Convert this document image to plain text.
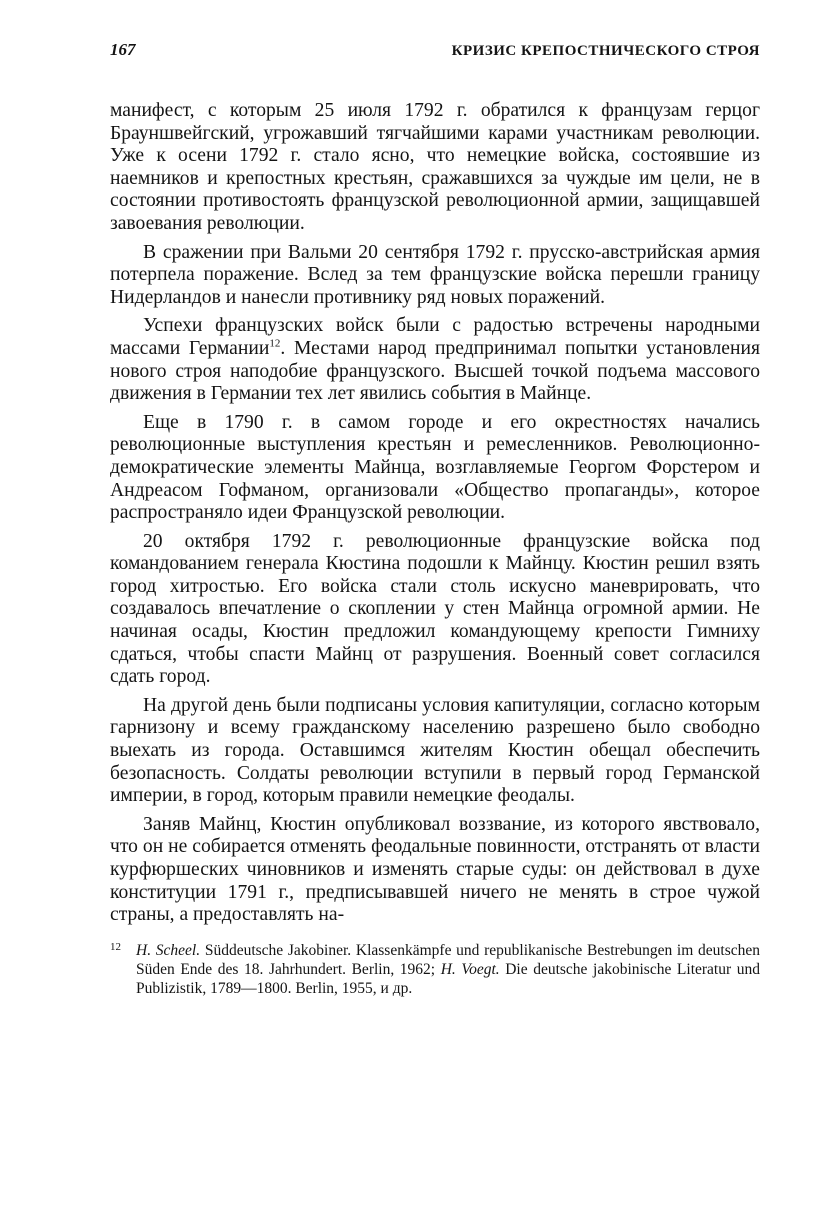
167	КРИЗИС КРЕПОСТНИЧЕСКОГО СТРОЯ

манифест, с которым 25 июля 1792 г. обратился к французам герцог Брауншвейгский, угрожавший тягчайшими карами участникам революции. Уже к осени 1792 г. стало ясно, что немецкие войска, состоявшие из наемников и крепостных крестьян, сражавшихся за чуждые им цели, не в состоянии противостоять французской революционной армии, защищавшей завоевания революции.

В сражении при Вальми 20 сентября 1792 г. прусско-австрийская армия потерпела поражение. Вслед за тем французские войска перешли границу Нидерландов и нанесли противнику ряд новых поражений.

Успехи французских войск были с радостью встречены народными массами Германии$^{12}$. Местами народ предпринимал попытки установления нового строя наподобие французского. Высшей точкой подъема массового движения в Германии тех лет явились события в Майнце.

Еще в 1790 г. в самом городе и его окрестностях начались революционные выступления крестьян и ремесленников. Революционно-демократические элементы Майнца, возглавляемые Георгом Форстером и Андреасом Гофманом, организовали «Общество пропаганды», которое распространяло идеи Французской революции.

20 октября 1792 г. революционные французские войска под командованием генерала Кюстина подошли к Майнцу. Кюстин решил взять город хитростью. Его войска стали столь искусно маневрировать, что создавалось впечатление о скоплении у стен Майнца огромной армии. Не начиная осады, Кюстин предложил командующему крепости Гимниху сдаться, чтобы спасти Майнц от разрушения. Военный совет согласился сдать город.

На другой день были подписаны условия капитуляции, согласно которым гарнизону и всему гражданскому населению разрешено было свободно выехать из города. Оставшимся жителям Кюстин обещал обеспечить безопасность. Солдаты революции вступили в первый город Германской империи, в город, которым правили немецкие феодалы.

Заняв Майнц, Кюстин опубликовал воззвание, из которого явствовало, что он не собирается отменять феодальные повинности, отстранять от власти курфюршеских чиновников и изменять старые суды: он действовал в духе конституции 1791 г., предписывавшей ничего не менять в строе чужой страны, а предоставлять на-

12 H. Scheel. Süddeutsche Jakobiner. Klassenkämpfe und republikanische Bestrebungen im deutschen Süden Ende des 18. Jahrhundert. Berlin, 1962; H. Voegt. Die deutsche jakobinische Literatur und Publizistik, 1789—1800. Berlin, 1955, и др.
